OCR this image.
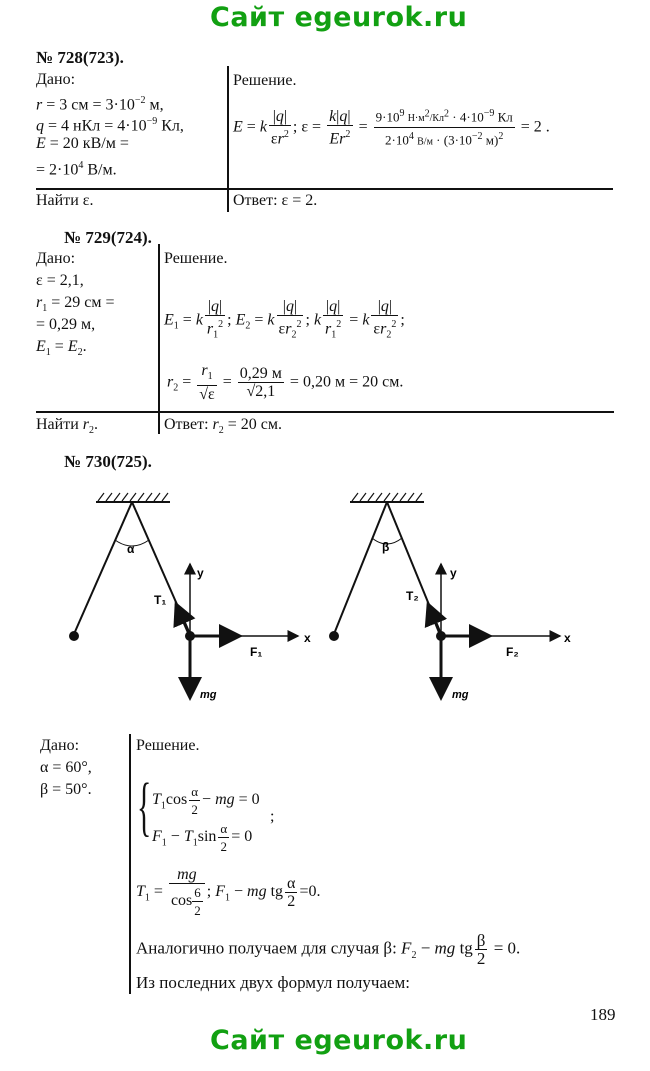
Сайт egeurok.ru
№ 728(723).
Дано:
r = 3 см = $3\cdot 10^{-2}$ м,
q = 4 нКл = $4\cdot 10^{-9}$ Кл,
E = 20 кВ/м =
= $2\cdot 10^4$ В/м.
Найти ε.
Решение.
E = k $\frac{|q|}{\varepsilon r^2}$ ; $\varepsilon = \frac{k|q|}{Er^2} = \frac{9\cdot 10^9 Н\cdot м^2/Кл^2 \cdot 4\cdot 10^{-9} Кл}{2\cdot 10^4 В/м \cdot (3\cdot 10^{-2} м)^2} = 2$ .
Ответ: ε = 2.
№ 729(724).
Дано:
ε = 2,1,
$r_1 = 29$ см =
= 0,29 м,
$E_1 = E_2$.
Найти $r_2$.
Решение.
$E_1 = k \frac{|q|}{r_1^2}$ ; $E_2 = k \frac{|q|}{\varepsilon r_2^2}$ ; k $\frac{|q|}{r_1^2} = k \frac{|q|}{\varepsilon r_2^2}$ ;
$r_2 = \frac{r_1}{√\varepsilon} = \frac{0,29 м}{√2,1} = 0,20$ м = 20 см.
Ответ: $r_2 = 20$ см.
№ 730(725).
α
y
x
T₁
F₁
mg
β
y
x
T₂
F₂
mg
Дано:
α = 60°,
β = 50°.
Решение.
{ $T_1\cos \frac{\alpha}{2}$ − mg = 0
$F_1 - T_1\sin \frac{\alpha}{2} = 0$
;
$T_1 = \frac{mg}{\cos \frac{6}{2}}$ ; $F_1$ − mg tg $\frac{\alpha}{2} =0$.
Аналогично получаем для случая β: $F_2$ − mg tg $\frac{\beta}{2} = 0$.
Из последних двух формул получаем:
189
Сайт egeurok.ru
